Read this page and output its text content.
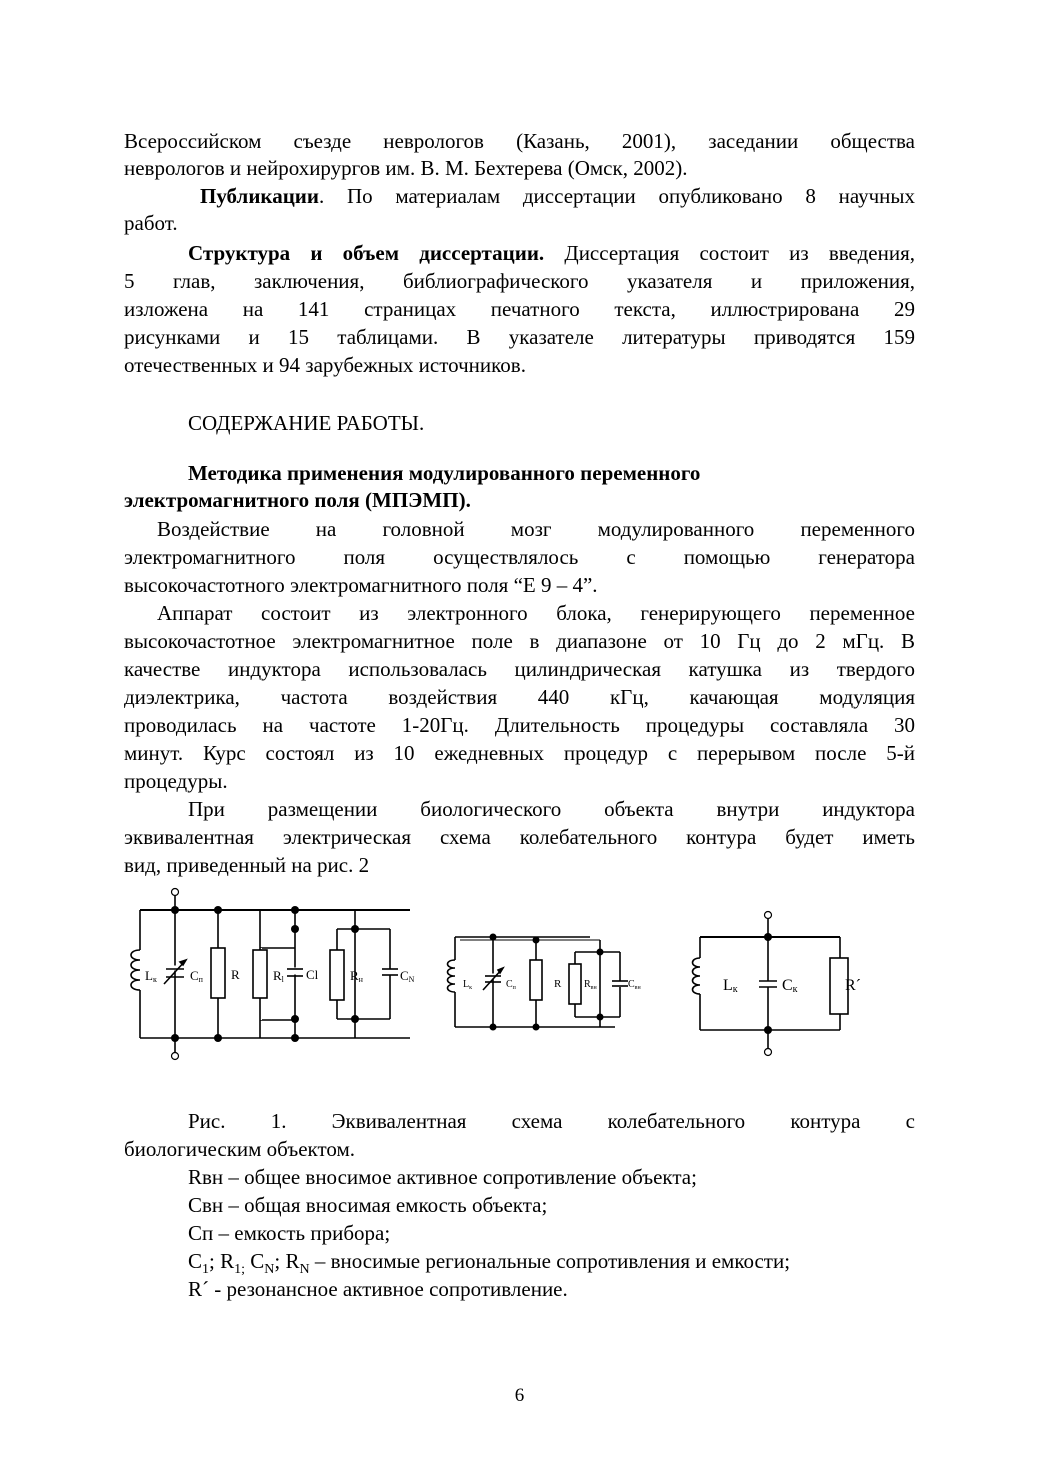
Всероссийском съезде неврологов (Казань, 2001), заседании общества
неврологов и нейрохирургов им. В. М. Бехтерева (Омск, 2002).
Публикации. По материалам диссертации опубликовано 8 научных
работ.
Структура и объем диссертации. Диссертация состоит из введения,
5 глав, заключения, библиографического указателя и приложения,
изложена на 141 страницах печатного текста, иллюстрирована 29
рисунками и 15 таблицами. В указателе литературы приводятся 159
отечественных и 94 зарубежных источников.
СОДЕРЖАНИЕ РАБОТЫ.
Методика применения модулированного переменного
электромагнитного поля (МПЭМП).
Воздействие на головной мозг модулированного переменного
электромагнитного поля осуществлялось с помощью генератора
высокочастотного электромагнитного поля “Е 9 – 4”.
Аппарат состоит из электронного блока, генерирующего переменное
высокочастотное электромагнитное поле в диапазоне от 10 Гц до 2 мГц. В
качестве индуктора использовалась цилиндрическая катушка из твердого
диэлектрика, частота воздействия 440 кГц, качающая модуляция
проводилась на частоте 1-20Гц. Длительность процедуры составляла 30
минут. Курс состоял из 10 ежедневных процедур с перерывом после 5-й
процедуры.
При размещении биологического объекта внутри индуктора
эквивалентная электрическая схема колебательного контура будет иметь
вид, приведенный на рис. 2
Lк	Cп R	Rl Cl Rн	CN	$L_к$	$C_п$	R $R_{вн}$	$C_{вн}$	Lк	Cк	R´
Рис. 1. Эквивалентная схема колебательного контура с
биологическим объектом.
Rвн – общее вносимое активное сопротивление объекта;
Свн – общая вносимая емкость объекта;
Сп – емкость прибора;
$C_1$; $R_{1;}$ $C_N$; $R_N$ – вносимые региональные сопротивления и емкости;
R´ - резонансное активное сопротивление.
6
